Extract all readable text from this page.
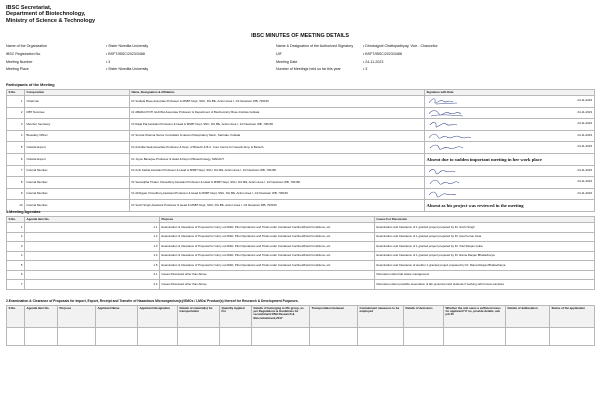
IBSC Secretariat,
Department of Biotechnology,
Ministry of Science & Technology
IBSC MINUTES OF MEETING DETAILS
Name of the Organization	• Sister Nivedita University	Name & Designation of the Authorized Signatory	• Dhrubajyoti Chattopadhyay, Vice - Chancellor
IBSC Registration No.	• BSFT/IBSC/2023/3488	UIF	• BSFT/IBSC/2023/3488
Meeting Number	• 3	Meeting Date	• 24-11-2023
Meeting Place	• Sister Nivedita University	Number of Meetings held so far this year	• 3
Participants of the Meeting
S.No.	Composition	Name ,Designation & Affiliation	Signature with Date
1	Chairman	Dr Sudipta Bose,Associate Professor & MSBT Dept, SNU, DG Blk, Action Area I, 1/2 Newtown WB, 700156	24-11-2023

2	DBT Nominee	Dr ABHRAJYOTI GHOSH,Associate Professor & Department of Biochemistry Bose Institute Kolkata	24-11-2023

3	Member Secretary	Dr Rajat Pal,Assistant Professor & Head & MSBT Dept, SNU, DG Blk, Action Area I, 1/2 Newtown WB, 700156	24-11-2023

4	Biosafety Officer	Dr Sumita Sharma,Senior Consultant & Head of Respiratory Medi., Salt lake, Kolkata	24-11-2023

5	Outside Expert	Dr Anindita Seal,Associate Professor & Dept. of Biotech & B.C. Cure Centre for Genetic Eng. & Biotech.	24-11-2023

6	Outside Expert	Dr Joyce Banerjee,Professor & Head & Dept of Biotechnology, MAKAUT	Absent due to sudden important meeting in her work place

7	Internal Member	Dr Amit Sarkar,Assistant Professor & Head & MSBT Dept, SNU, DG Blk, Action Area I, 1/2 Newtown WB, 700156	24-11-2023

8	Internal Member	Dr Samarjitha Thakur Chowdhury,Assistant Professor & Head & MSBT Dept, SNU, DG Blk, Action Area I, 1/2 Newtown WB, 700156	24-11-2023

9	Internal Member	Dr Abhigyan Choudhury,Assistant Professor & Head & MSBT Dept, SNU, DG Blk, Action Area I, 1/2 Newtown WB, 700156	24-11-2023

10	Internal Member	Dr Suchi Singh,Assistant Professor & Head & MSBT Dept, SNU, DG Blk, Action Area I, 1/2 Newtown WB, 700156	Absent as his project was reviewed in the meeting
1.Meeting Agendas
S.No.	Agenda Item No.	Purpose	Issues For Discussion
1	1.1	Examination & Clearance of Proposal for Carry out R&D, Pilot Operations and Trials under Contained Confined/Field Conditions, etc	Examination and Clearance of 1 granted project prepared by Dr. Suchi Singh
2	1.2	Examination & Clearance of Proposal for Carry out R&D, Pilot Operations and Trials under Contained Confined/Field Conditions, etc	Examination and Clearance of 1 granted project prepared by Dr. Ipsa Kumar Jana
3	1.3	Examination & Clearance of Proposal for Carry out R&D, Pilot Operations and Trials under Contained Confined/Field Conditions, etc	Examination and Clearance of 1 granted project prepared by Dr. Vitul Ranjan Guha
4	1.4	Examination & Clearance of Proposal for Carry out R&D, Pilot Operations and Trials under Contained Confined/Field Conditions, etc	Examination and Clearance of 1 granted project prepared by Dr. Rama Ranjan Bhattacharya
5	1.5	Examination & Clearance of Proposal for Carry out R&D, Pilot Operations and Trials under Contained Confined/Field Conditions, etc	Examination and Clearance of another 1 granted project prepared by Dr. Rama Ranjan Bhattacharya
6	2.1	Issues Discussed other than Above	Discussion about lab waste management
7	2.2	Issues Discussed other than Above	Discussion about possible reservation of lab personnel and students if working with human samples
2.Examination & Clearance of Proposals for Import, Export, Receipt and Transfer of Hazardous Microorganism(s)/GMOs / LMOs/ Product(s) thereof for Research & Development Purposes.
S.No.	Agenda Item No.	Purpose	Applicant Name	Applicant Designation	Details of material(s) for transportation	Quantity Applied For	Details of belonging to RG group, as per Regulations & Guidelines for recombinant DNA Research & Biocontainment,2017	Transportation between	Containment measures to be employed	Details of decisions	Whether the unit owns a sufficient mass for applicant? If no, provide details, ask job ID	Details of deliberation	Status of the application
